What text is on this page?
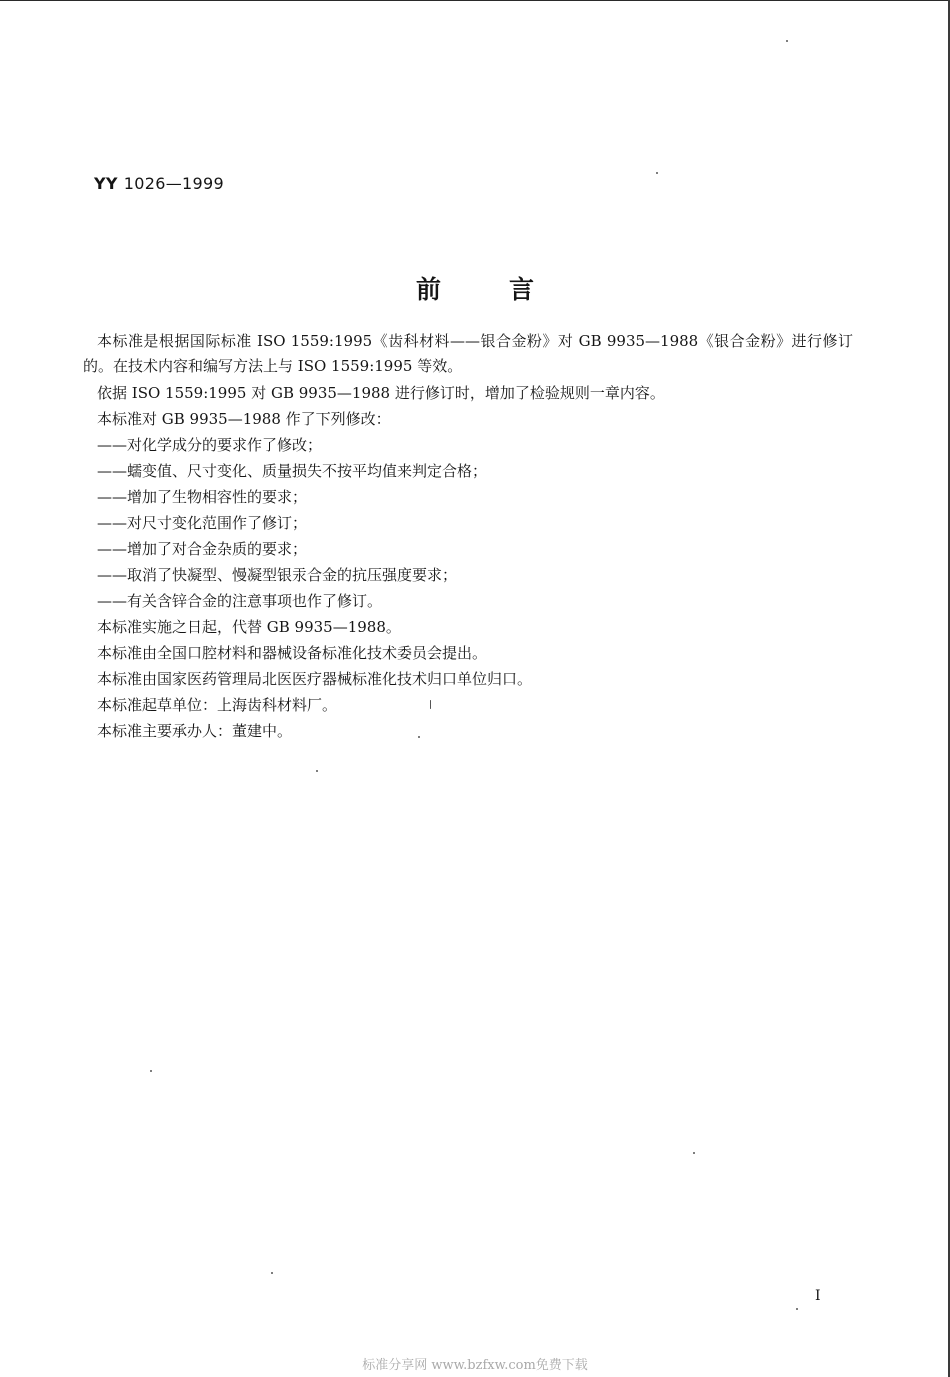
YY 1026—1999
前言

本标准是根据国际标准 ISO 1559:1995《齿科材料——银合金粉》对 GB 9935—1988《银合金粉》进行修订的。在技术内容和编写方法上与 ISO 1559:1995 等效。

依据 ISO 1559:1995 对 GB 9935—1988 进行修订时，增加了检验规则一章内容。

本标准对 GB 9935—1988 作了下列修改：

——对化学成分的要求作了修改；

——蠕变值、尺寸变化、质量损失不按平均值来判定合格；

——增加了生物相容性的要求；

——对尺寸变化范围作了修订；

——增加了对合金杂质的要求；

——取消了快凝型、慢凝型银汞合金的抗压强度要求；

——有关含锌合金的注意事项也作了修订。

本标准实施之日起，代替 GB 9935—1988。

本标准由全国口腔材料和器械设备标准化技术委员会提出。

本标准由国家医药管理局北医医疗器械标准化技术归口单位归口。

本标准起草单位：上海齿科材料厂。

本标准主要承办人：董建中。

I
标准分享网 www.bzfxw.com免费下载
